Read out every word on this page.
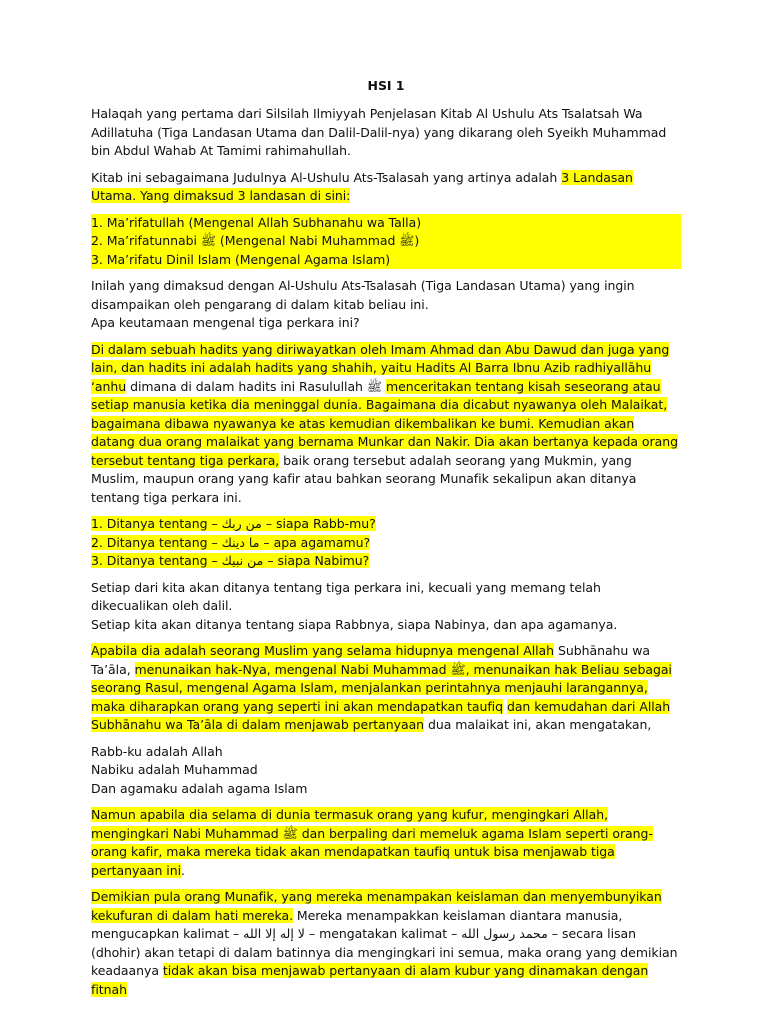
HSI 1

Halaqah yang pertama dari Silsilah Ilmiyyah Penjelasan Kitab Al Ushulu Ats Tsalatsah Wa Adillatuha (Tiga Landasan Utama dan Dalil-Dalil-nya) yang dikarang oleh Syeikh Muhammad bin Abdul Wahab At Tamimi rahimahullah.

Kitab ini sebagaimana Judulnya Al-Ushulu Ats-Tsalasah yang artinya adalah 3 Landasan Utama. Yang dimaksud 3 landasan di sini:

1. Ma’rifatullah (Mengenal Allah Subhanahu wa Talla)
2. Ma’rifatunnabi ﷺ (Mengenal Nabi Muhammad ﷺ)
3. Ma’rifatu Dinil Islam (Mengenal Agama Islam)

Inilah yang dimaksud dengan Al-Ushulu Ats-Tsalasah (Tiga Landasan Utama) yang ingin disampaikan oleh pengarang di dalam kitab beliau ini.
Apa keutamaan mengenal tiga perkara ini?

Di dalam sebuah hadits yang diriwayatkan oleh Imam Ahmad dan Abu Dawud dan juga yang lain, dan hadits ini adalah hadits yang shahih, yaitu Hadits Al Barra Ibnu Azib radhiyallāhu ‘anhu dimana di dalam hadits ini Rasulullah ﷺ menceritakan tentang kisah seseorang atau setiap manusia ketika dia meninggal dunia. Bagaimana dia dicabut nyawanya oleh Malaikat, bagaimana dibawa nyawanya ke atas kemudian dikembalikan ke bumi. Kemudian akan datang dua orang malaikat yang bernama Munkar dan Nakir. Dia akan bertanya kepada orang tersebut tentang tiga perkara, baik orang tersebut adalah seorang yang Mukmin, yang Muslim, maupun orang yang kafir atau bahkan seorang Munafik sekalipun akan ditanya tentang tiga perkara ini.

1. Ditanya tentang – من ربك – siapa Rabb-mu?
2. Ditanya tentang – ما دينك – apa agamamu?
3. Ditanya tentang – من نبيك – siapa Nabimu?

Setiap dari kita akan ditanya tentang tiga perkara ini, kecuali yang memang telah dikecualikan oleh dalil.
Setiap kita akan ditanya tentang siapa Rabbnya, siapa Nabinya, dan apa agamanya.

Apabila dia adalah seorang Muslim yang selama hidupnya mengenal Allah Subhānahu wa Ta’āla, menunaikan hak-Nya, mengenal Nabi Muhammad ﷺ, menunaikan hak Beliau sebagai seorang Rasul, mengenal Agama Islam, menjalankan perintahnya menjauhi larangannya, maka diharapkan orang yang seperti ini akan mendapatkan taufiq dan kemudahan dari Allah Subhānahu wa Ta’āla di dalam menjawab pertanyaan dua malaikat ini, akan mengatakan,

Rabb-ku adalah Allah
Nabiku adalah Muhammad
Dan agamaku adalah agama Islam

Namun apabila dia selama di dunia termasuk orang yang kufur, mengingkari Allah, mengingkari Nabi Muhammad ﷺ dan berpaling dari memeluk agama Islam seperti orang-orang kafir, maka mereka tidak akan mendapatkan taufiq untuk bisa menjawab tiga pertanyaan ini.

Demikian pula orang Munafik, yang mereka menampakan keislaman dan menyembunyikan kekufuran di dalam hati mereka. Mereka menampakkan keislaman diantara manusia, mengucapkan kalimat – لا إله إلا الله – mengatakan kalimat – محمد رسول الله – secara lisan (dhohir) akan tetapi di dalam batinnya dia mengingkari ini semua, maka orang yang demikian keadaanya tidak akan bisa menjawab pertanyaan di alam kubur yang dinamakan dengan fitnah
